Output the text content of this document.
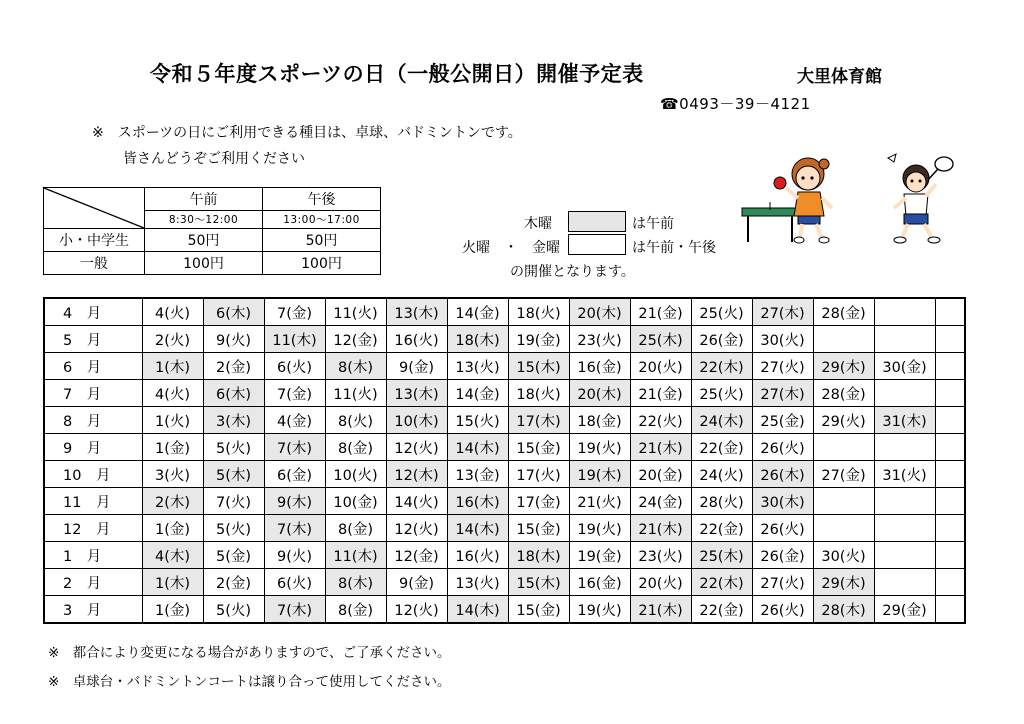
令和５年度スポーツの日（一般公開日）開催予定表	大里体育館
☎0493－39－4121
※　スポーツの日にご利用できる種目は、卓球、バドミントンです。
皆さんどうぞご利用ください
	午前	午後
	8:30～12:00	13:00～17:00
小・中学生	50円	50円
一般	100円	100円
木曜	は午前
火曜　・　金曜	は午前・午後
の開催となります。
4　月	4(火)	6(木)	7(金)	11(火)	13(木)	14(金)	18(火)	20(木)	21(金)	25(火)	27(木)	28(金)			
5　月	2(火)	9(火)	11(木)	12(金)	16(火)	18(木)	19(金)	23(火)	25(木)	26(金)	30(火)				
6　月	1(木)	2(金)	6(火)	8(木)	9(金)	13(火)	15(木)	16(金)	20(火)	22(木)	27(火)	29(木)	30(金)		
7　月	4(火)	6(木)	7(金)	11(火)	13(木)	14(金)	18(火)	20(木)	21(金)	25(火)	27(木)	28(金)			
8　月	1(火)	3(木)	4(金)	8(火)	10(木)	15(火)	17(木)	18(金)	22(火)	24(木)	25(金)	29(火)	31(木)		
9　月	1(金)	5(火)	7(木)	8(金)	12(火)	14(木)	15(金)	19(火)	21(木)	22(金)	26(火)				
10　月	3(火)	5(木)	6(金)	10(火)	12(木)	13(金)	17(火)	19(木)	20(金)	24(火)	26(木)	27(金)	31(火)		
11　月	2(木)	7(火)	9(木)	10(金)	14(火)	16(木)	17(金)	21(火)	24(金)	28(火)	30(木)				
12　月	1(金)	5(火)	7(木)	8(金)	12(火)	14(木)	15(金)	19(火)	21(木)	22(金)	26(火)				
1　月	4(木)	5(金)	9(火)	11(木)	12(金)	16(火)	18(木)	19(金)	23(火)	25(木)	26(金)	30(火)			
2　月	1(木)	2(金)	6(火)	8(木)	9(金)	13(火)	15(木)	16(金)	20(火)	22(木)	27(火)	29(木)			
3　月	1(金)	5(火)	7(木)	8(金)	12(火)	14(木)	15(金)	19(火)	21(木)	22(金)	26(火)	28(木)	29(金)		
※　都合により変更になる場合がありますので、ご了承ください。
※　卓球台・バドミントンコートは譲り合って使用してください。
